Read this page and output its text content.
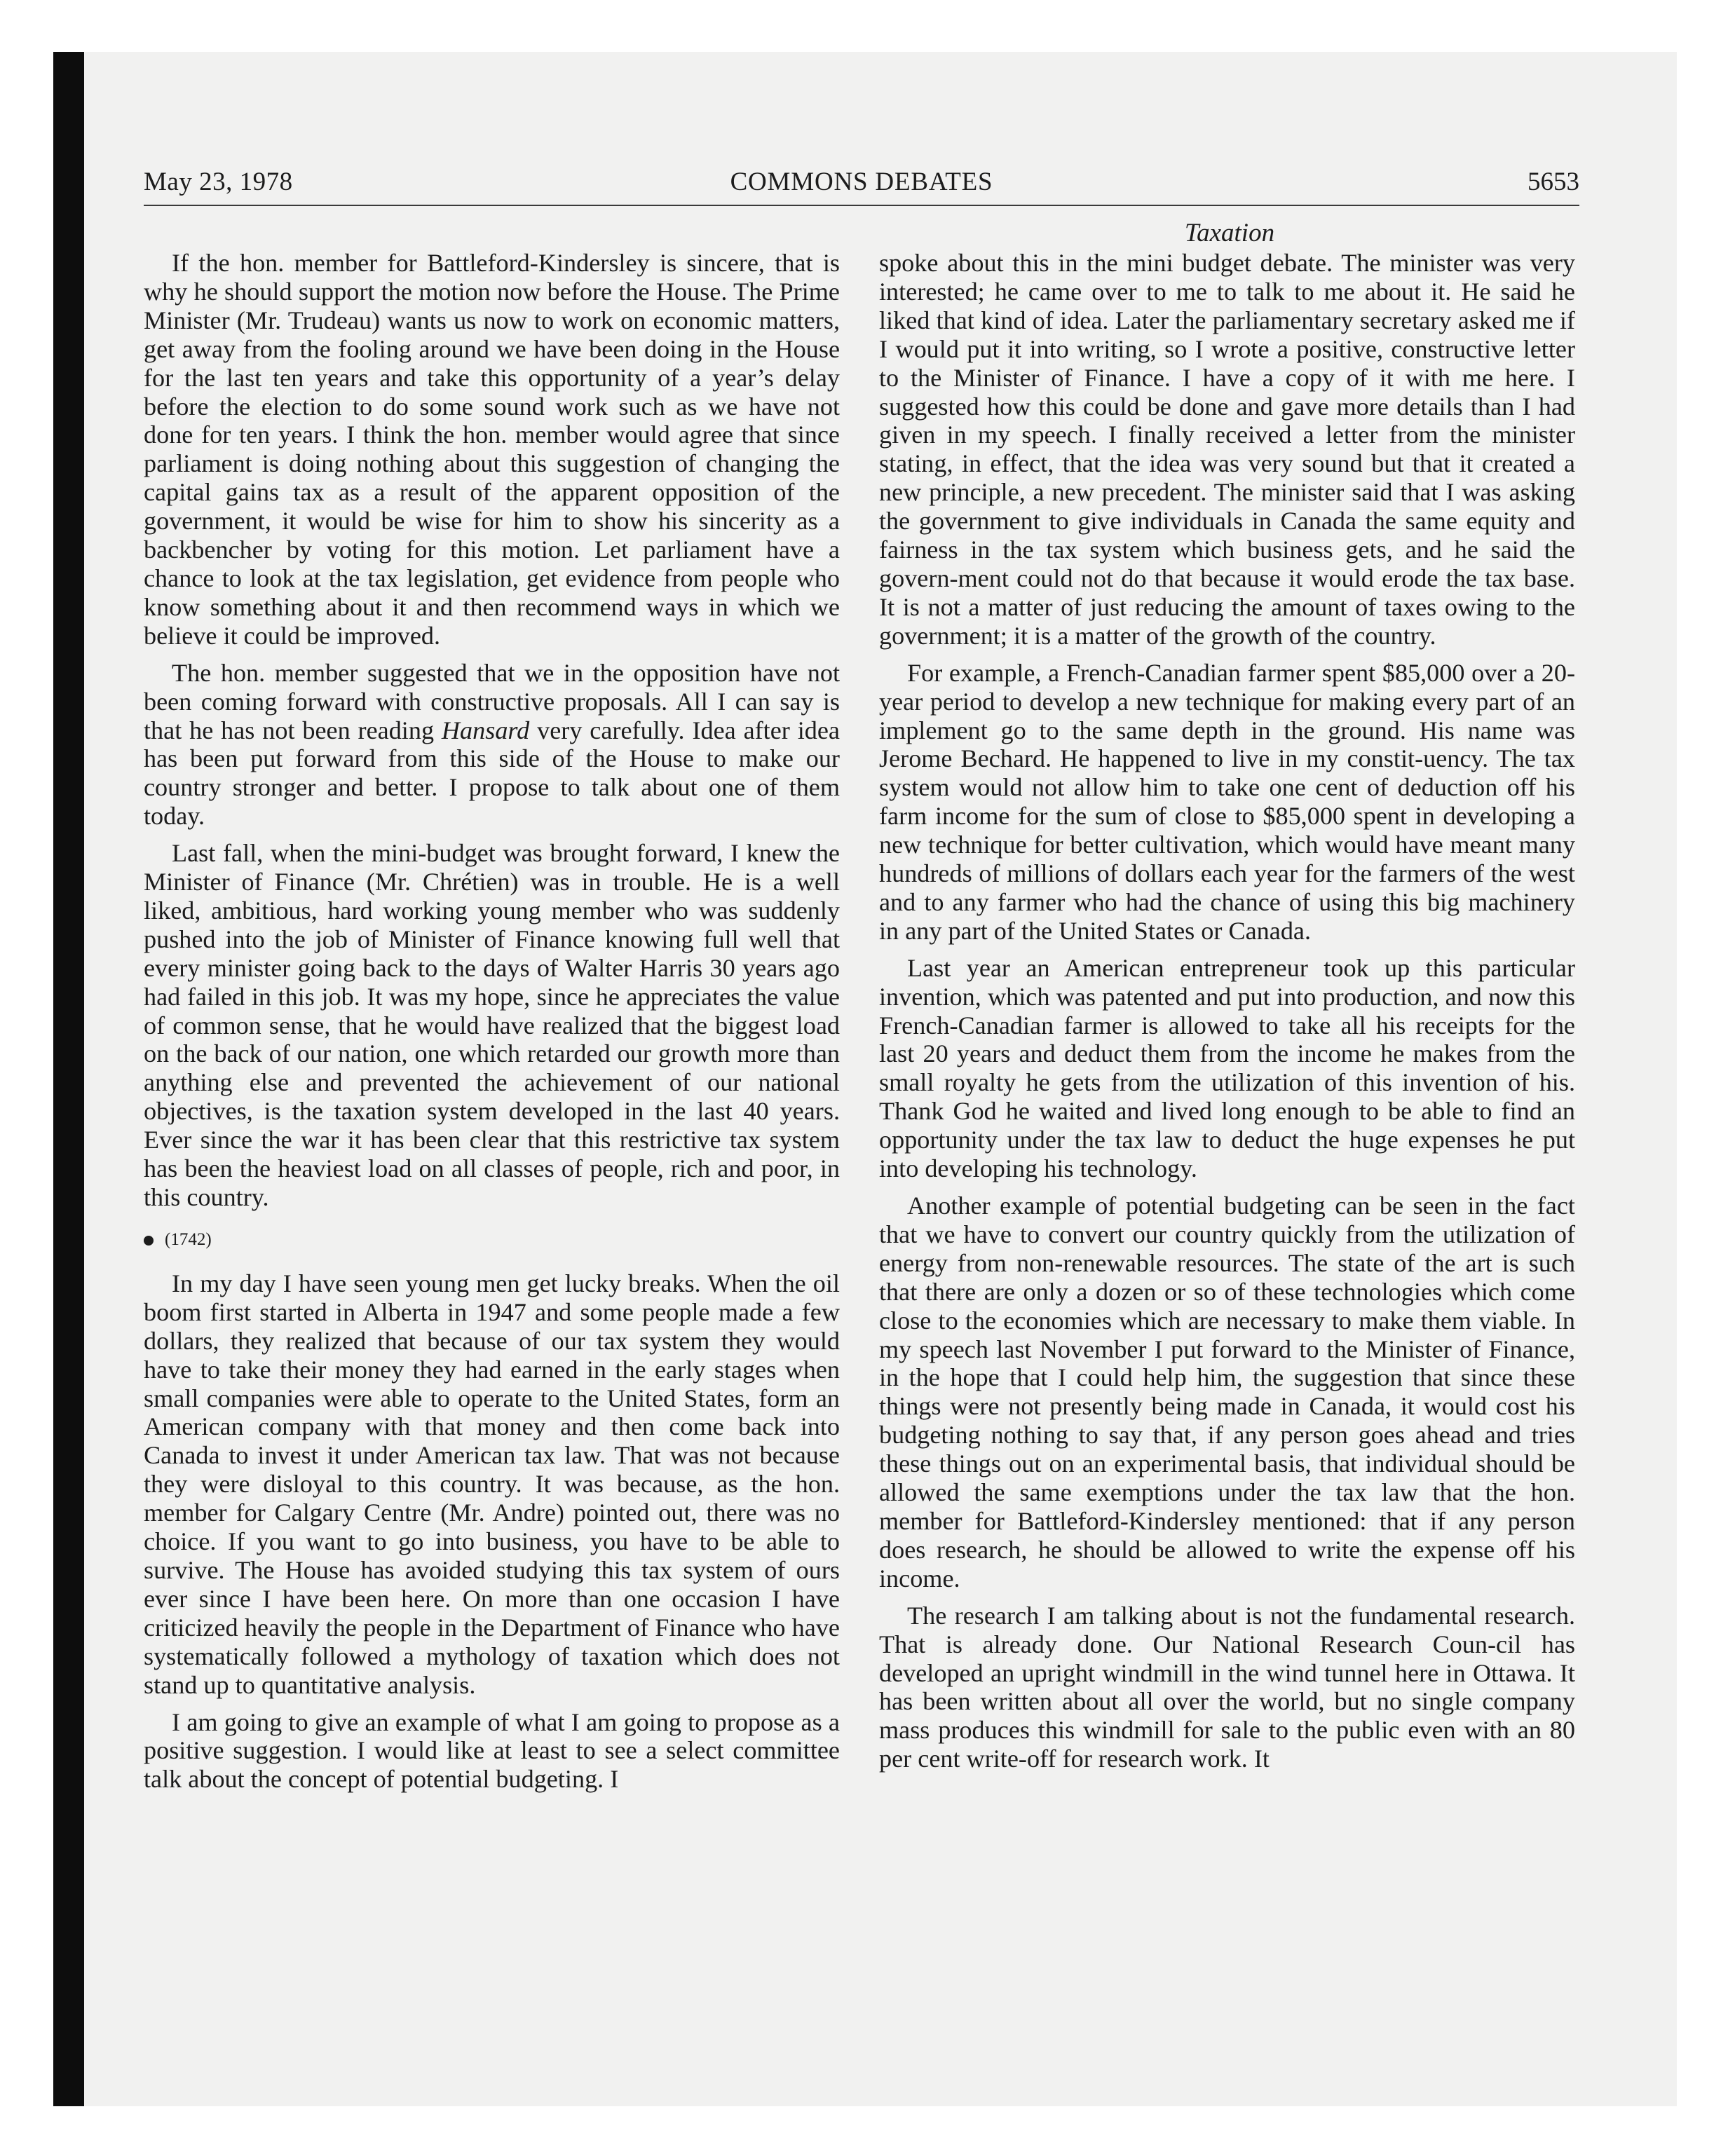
May 23, 1978	COMMONS DEBATES	5653
Taxation

If the hon. member for Battleford-Kindersley is sincere, that is why he should support the motion now before the House. The Prime Minister (Mr. Trudeau) wants us now to work on economic matters, get away from the fooling around we have been doing in the House for the last ten years and take this opportunity of a year’s delay before the election to do some sound work such as we have not done for ten years. I think the hon. member would agree that since parliament is doing nothing about this suggestion of changing the capital gains tax as a result of the apparent opposition of the government, it would be wise for him to show his sincerity as a backbencher by voting for this motion. Let parliament have a chance to look at the tax legislation, get evidence from people who know something about it and then recommend ways in which we believe it could be improved.

The hon. member suggested that we in the opposition have not been coming forward with constructive proposals. All I can say is that he has not been reading Hansard very carefully. Idea after idea has been put forward from this side of the House to make our country stronger and better. I propose to talk about one of them today.

Last fall, when the mini-budget was brought forward, I knew the Minister of Finance (Mr. Chrétien) was in trouble. He is a well liked, ambitious, hard working young member who was suddenly pushed into the job of Minister of Finance knowing full well that every minister going back to the days of Walter Harris 30 years ago had failed in this job. It was my hope, since he appreciates the value of common sense, that he would have realized that the biggest load on the back of our nation, one which retarded our growth more than anything else and prevented the achievement of our national objectives, is the taxation system developed in the last 40 years. Ever since the war it has been clear that this restrictive tax system has been the heaviest load on all classes of people, rich and poor, in this country.

(1742)

In my day I have seen young men get lucky breaks. When the oil boom first started in Alberta in 1947 and some people made a few dollars, they realized that because of our tax system they would have to take their money they had earned in the early stages when small companies were able to operate to the United States, form an American company with that money and then come back into Canada to invest it under American tax law. That was not because they were disloyal to this country. It was because, as the hon. member for Calgary Centre (Mr. Andre) pointed out, there was no choice. If you want to go into business, you have to be able to survive. The House has avoided studying this tax system of ours ever since I have been here. On more than one occasion I have criticized heavily the people in the Department of Finance who have systematically followed a mythology of taxation which does not stand up to quantitative analysis.

I am going to give an example of what I am going to propose as a positive suggestion. I would like at least to see a select committee talk about the concept of potential budgeting. I

spoke about this in the mini budget debate. The minister was very interested; he came over to me to talk to me about it. He said he liked that kind of idea. Later the parliamentary secretary asked me if I would put it into writing, so I wrote a positive, constructive letter to the Minister of Finance. I have a copy of it with me here. I suggested how this could be done and gave more details than I had given in my speech. I finally received a letter from the minister stating, in effect, that the idea was very sound but that it created a new principle, a new precedent. The minister said that I was asking the government to give individuals in Canada the same equity and fairness in the tax system which business gets, and he said the govern-ment could not do that because it would erode the tax base. It is not a matter of just reducing the amount of taxes owing to the government; it is a matter of the growth of the country.

For example, a French-Canadian farmer spent $85,000 over a 20-year period to develop a new technique for making every part of an implement go to the same depth in the ground. His name was Jerome Bechard. He happened to live in my constit-uency. The tax system would not allow him to take one cent of deduction off his farm income for the sum of close to $85,000 spent in developing a new technique for better cultivation, which would have meant many hundreds of millions of dollars each year for the farmers of the west and to any farmer who had the chance of using this big machinery in any part of the United States or Canada.

Last year an American entrepreneur took up this particular invention, which was patented and put into production, and now this French-Canadian farmer is allowed to take all his receipts for the last 20 years and deduct them from the income he makes from the small royalty he gets from the utilization of this invention of his. Thank God he waited and lived long enough to be able to find an opportunity under the tax law to deduct the huge expenses he put into developing his technology.

Another example of potential budgeting can be seen in the fact that we have to convert our country quickly from the utilization of energy from non-renewable resources. The state of the art is such that there are only a dozen or so of these technologies which come close to the economies which are necessary to make them viable. In my speech last November I put forward to the Minister of Finance, in the hope that I could help him, the suggestion that since these things were not presently being made in Canada, it would cost his budgeting nothing to say that, if any person goes ahead and tries these things out on an experimental basis, that individual should be allowed the same exemptions under the tax law that the hon. member for Battleford-Kindersley mentioned: that if any person does research, he should be allowed to write the expense off his income.

The research I am talking about is not the fundamental research. That is already done. Our National Research Coun-cil has developed an upright windmill in the wind tunnel here in Ottawa. It has been written about all over the world, but no single company mass produces this windmill for sale to the public even with an 80 per cent write-off for research work. It
